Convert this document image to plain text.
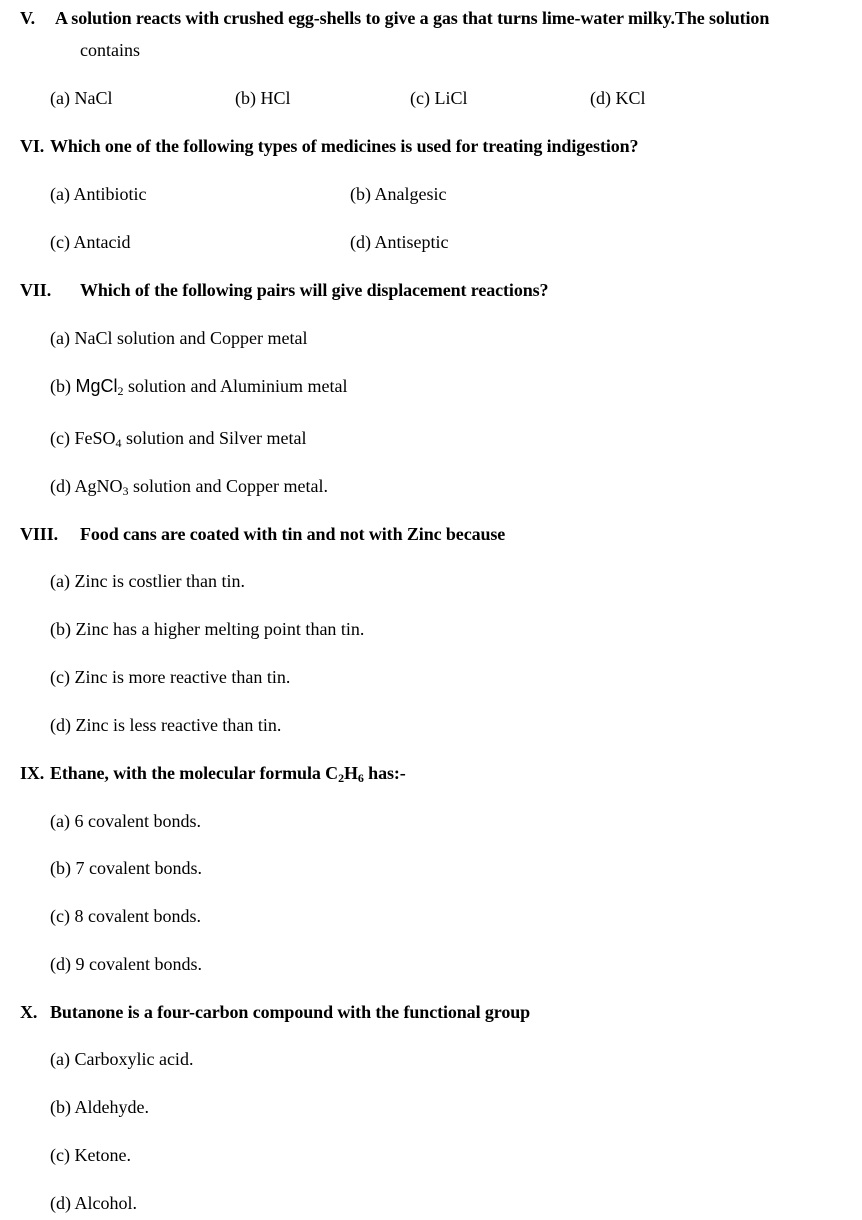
V. A solution reacts with crushed egg-shells to give a gas that turns lime-water milky.The solution
contains
(a) NaCl	(b) HCl	(c) LiCl	(d) KCl
VI. Which one of the following types of medicines is used for treating indigestion?
(a) Antibiotic	(b) Analgesic
(c) Antacid	(d) Antiseptic
VII. Which of the following pairs will give displacement reactions?
(a) NaCl solution and Copper metal
(b) MgCl$_2$ solution and Aluminium metal
(c) FeSO$_4$ solution and Silver metal
(d) AgNO$_3$ solution and Copper metal.
VIII. Food cans are coated with tin and not with Zinc because
(a) Zinc is costlier than tin.
(b) Zinc has a higher melting point than tin.
(c) Zinc is more reactive than tin.
(d) Zinc is less reactive than tin.
IX. Ethane, with the molecular formula $C_2H_6$ has:-
(a) 6 covalent bonds.
(b) 7 covalent bonds.
(c) 8 covalent bonds.
(d) 9 covalent bonds.
X. Butanone is a four-carbon compound with the functional group
(a) Carboxylic acid.
(b) Aldehyde.
(c) Ketone.
(d) Alcohol.
